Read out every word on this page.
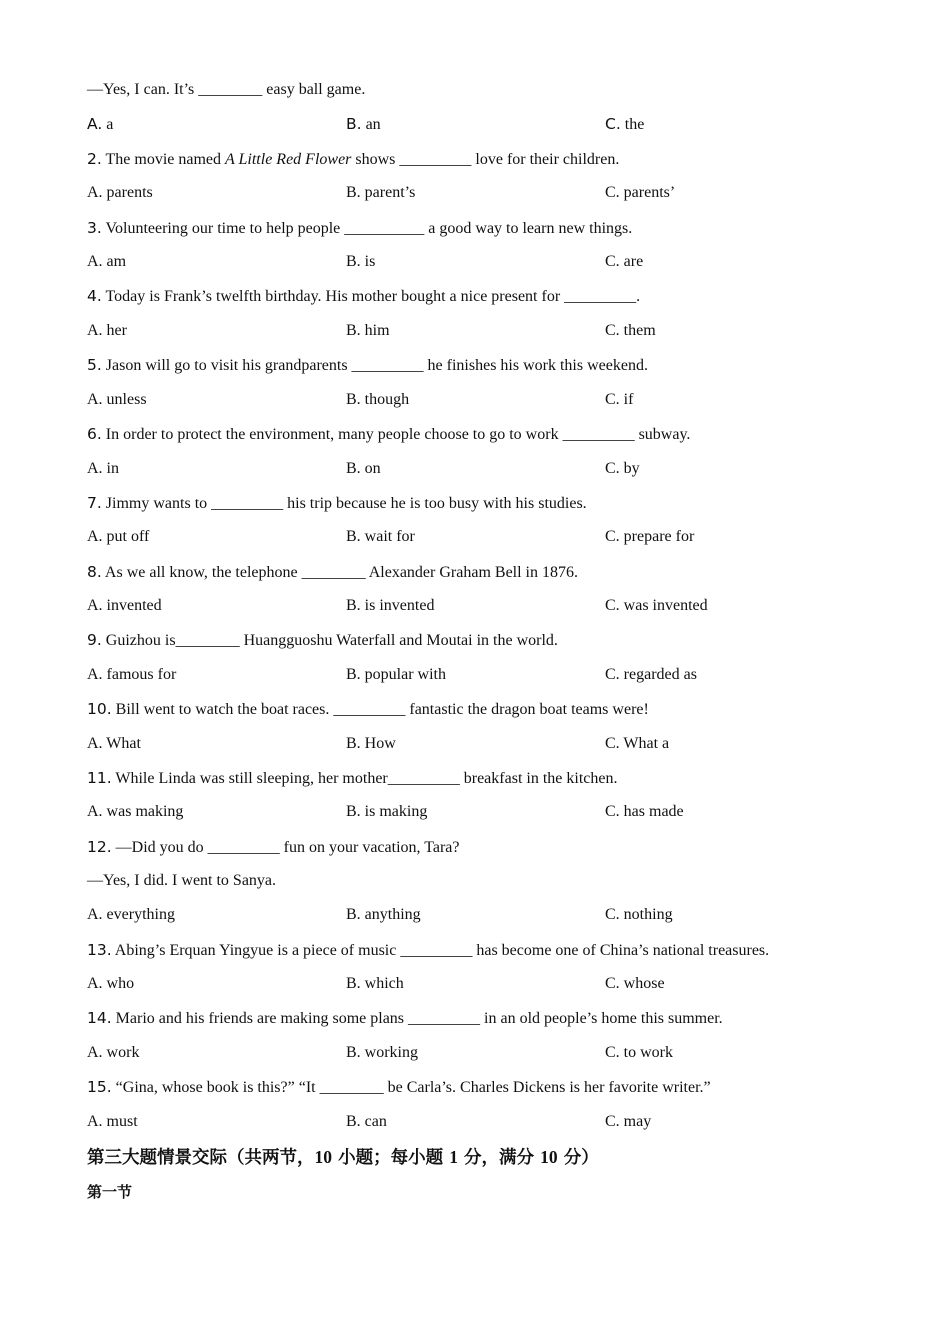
—Yes, I can. It’s ________ easy ball game.
A. a	B. an	C. the
2. The movie named A Little Red Flower shows _________ love for their children.
A. parents	B. parent’s	C. parents’
3. Volunteering our time to help people __________ a good way to learn new things.
A. am	B. is	C. are
4. Today is Frank’s twelfth birthday. His mother bought a nice present for _________.
A. her	B. him	C. them
5. Jason will go to visit his grandparents _________ he finishes his work this weekend.
A. unless	B. though	C. if
6. In order to protect the environment, many people choose to go to work _________ subway.
A. in	B. on	C. by
7. Jimmy wants to _________ his trip because he is too busy with his studies.
A. put off	B. wait for	C. prepare for
8. As we all know, the telephone ________ Alexander Graham Bell in 1876.
A. invented	B. is invented	C. was invented
9. Guizhou is________ Huangguoshu Waterfall and Moutai in the world.
A. famous for	B. popular with	C. regarded as
10. Bill went to watch the boat races. _________ fantastic the dragon boat teams were!
A. What	B. How	C. What a
11. While Linda was still sleeping, her mother_________ breakfast in the kitchen.
A. was making	B. is making	C. has made
12. —Did you do _________ fun on your vacation, Tara?
—Yes, I did. I went to Sanya.
A. everything	B. anything	C. nothing
13. Abing’s Erquan Yingyue is a piece of music _________ has become one of China’s national treasures.
A. who	B. which	C. whose
14. Mario and his friends are making some plans _________ in an old people’s home this summer.
A. work	B. working	C. to work
15. “Gina, whose book is this?” “It ________ be Carla’s. Charles Dickens is her favorite writer.”
A. must	B. can	C. may
第三大题情景交际（共两节，10 小题；每小题 1 分，满分 10 分）
第一节
